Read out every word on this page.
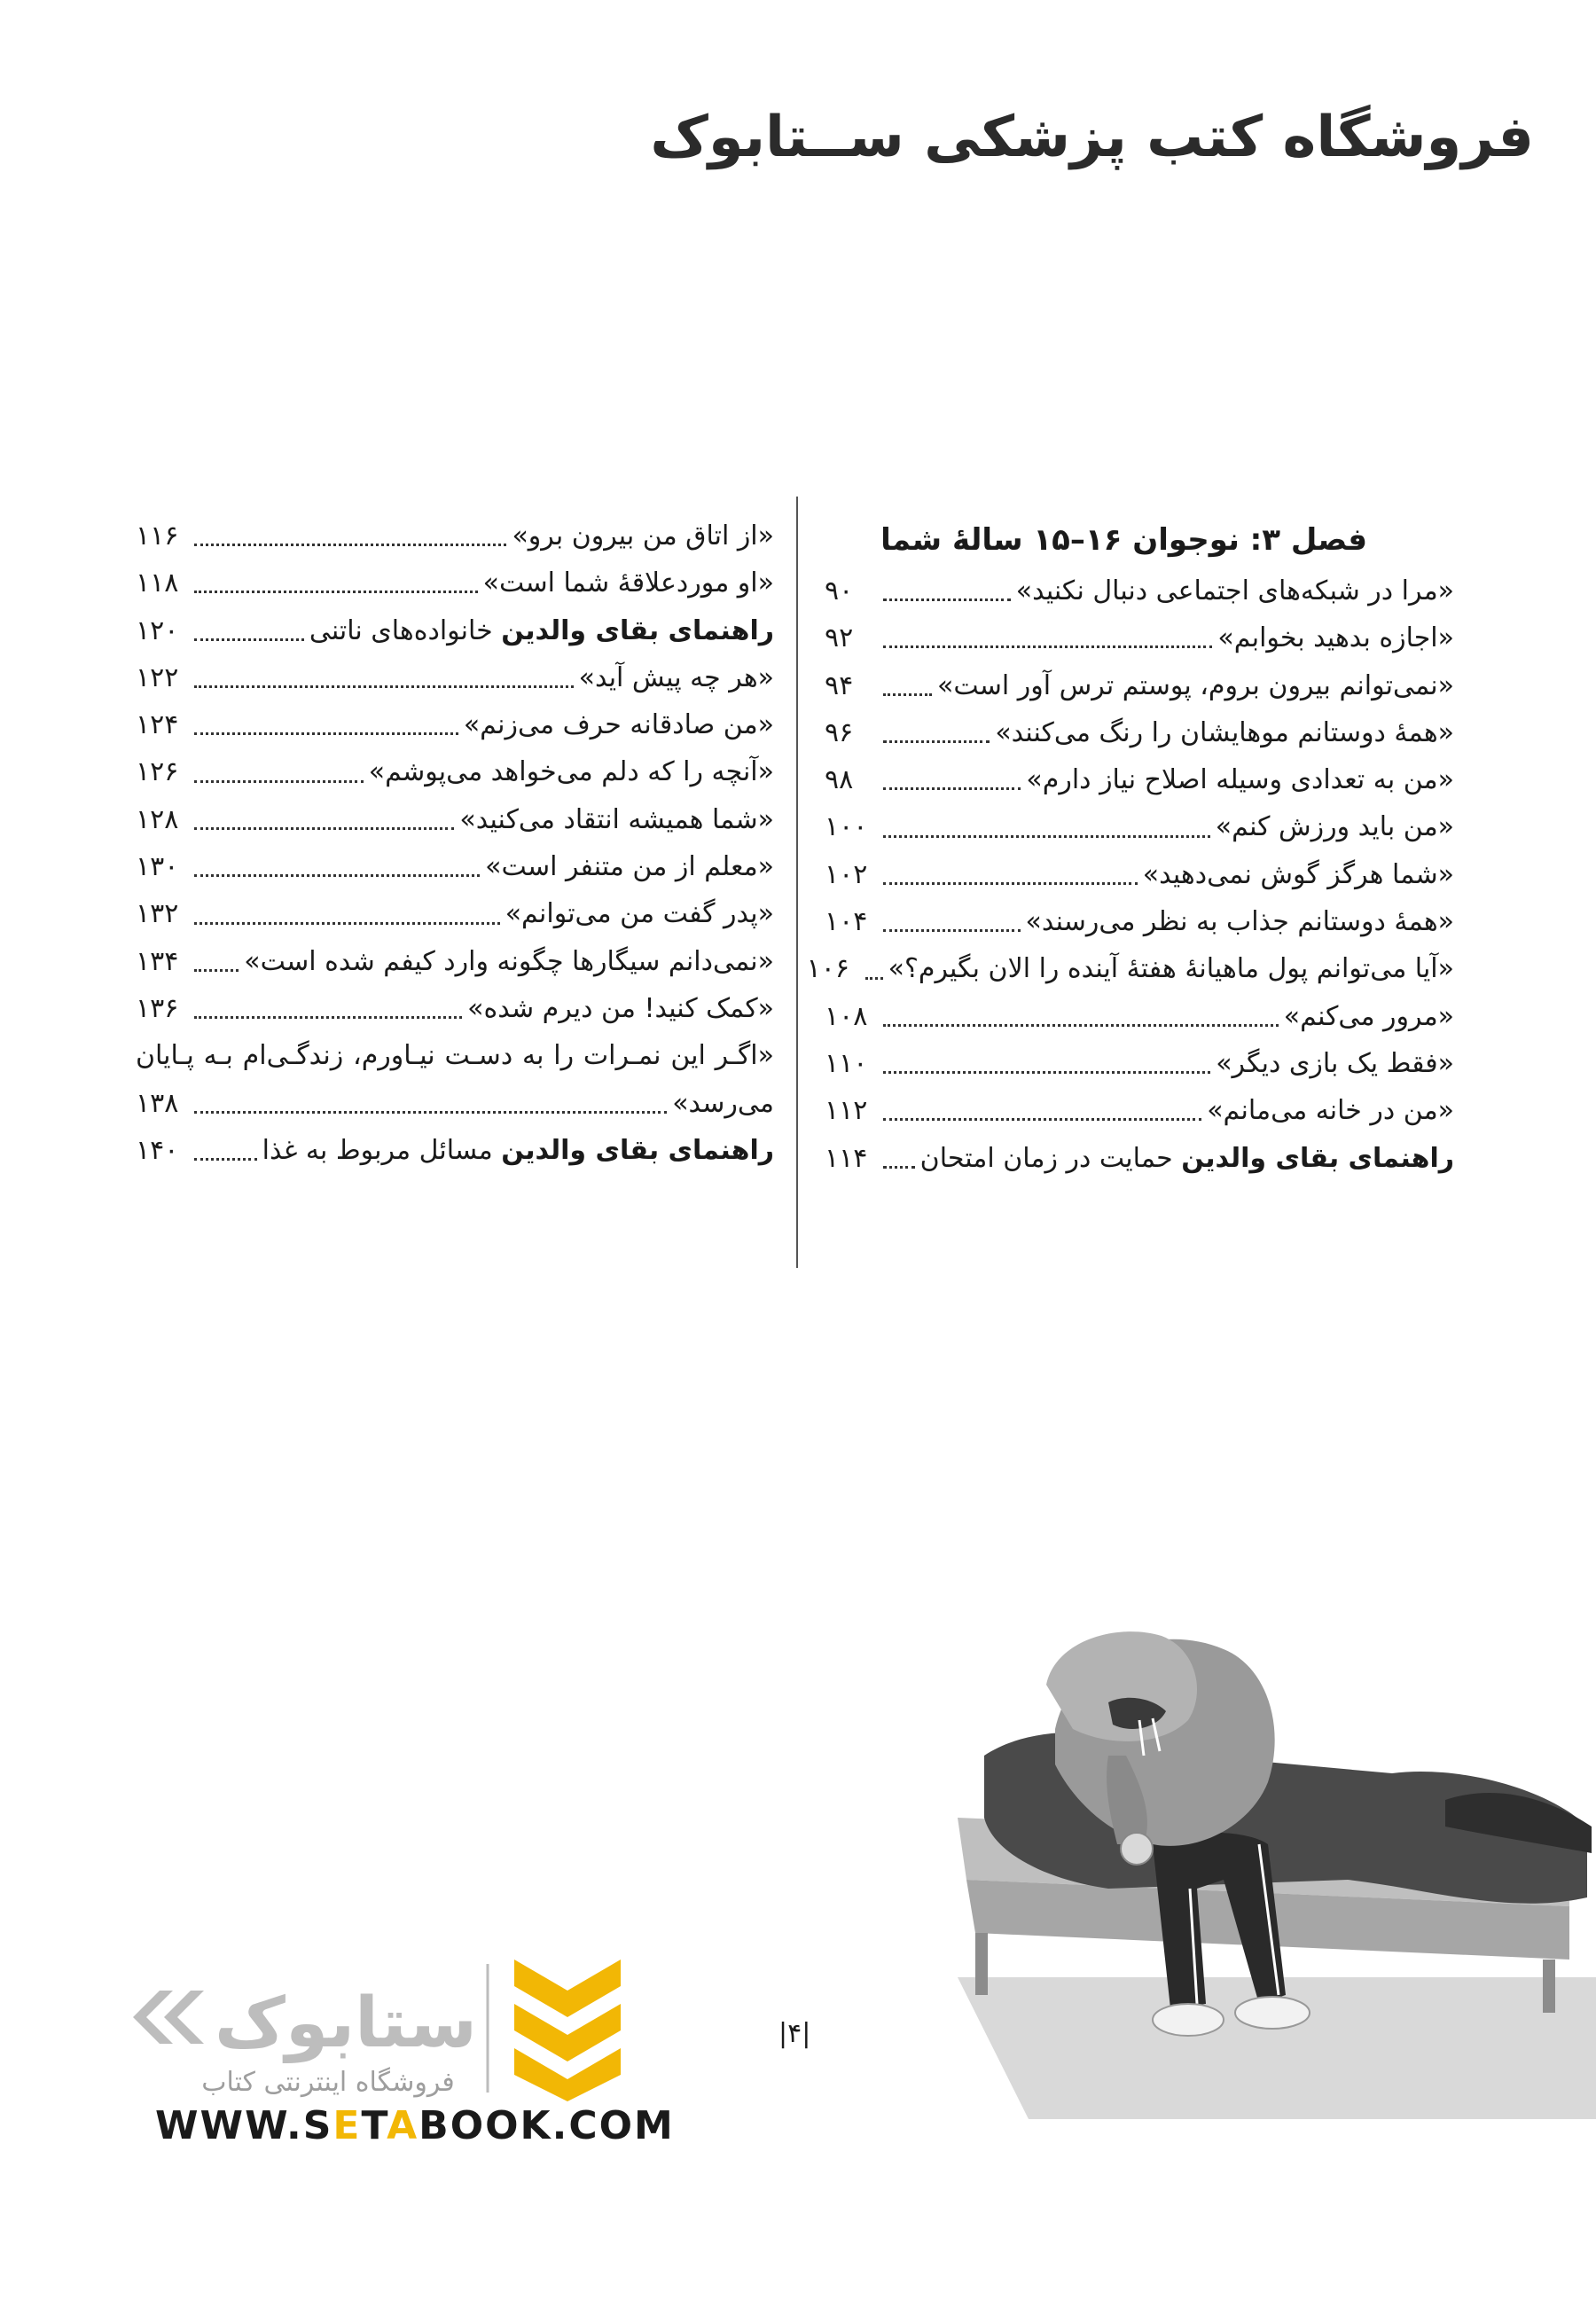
فروشگاه کتب پزشکی ســتابوک
فصل ۳: نوجوان ۱۶–۱۵ سالهٔ شما
«مرا در شبکه‌های اجتماعی دنبال نکنید»
۹۰
«اجازه بدهید بخوابم»
۹۲
«نمی‌توانم بیرون بروم، پوستم ترس آور است»
۹۴
«همهٔ دوستانم موهایشان را رنگ می‌کنند»
۹۶
«من به تعدادی وسیله اصلاح نیاز دارم»
۹۸
«من باید ورزش کنم»
۱۰۰
«شما هرگز گوش نمی‌دهید»
۱۰۲
«همهٔ دوستانم جذاب به نظر می‌رسند»
۱۰۴
«آیا می‌توانم پول ماهیانهٔ هفتهٔ آینده را الان بگیرم؟»
۱۰۶
«مرور می‌کنم»
۱۰۸
«فقط یک بازی دیگر»
۱۱۰
«من در خانه می‌مانم»
۱۱۲
راهنمای بقای والدین حمایت در زمان امتحان
۱۱۴
«از اتاق من بیرون برو»
۱۱۶
«او موردعلاقهٔ شما است»
۱۱۸
راهنمای بقای والدین خانواده‌های ناتنی
۱۲۰
«هر چه پیش آید»
۱۲۲
«من صادقانه حرف می‌زنم»
۱۲۴
«آنچه را که دلم می‌خواهد می‌پوشم»
۱۲۶
«شما همیشه انتقاد می‌کنید»
۱۲۸
«معلم از من متنفر است»
۱۳۰
«پدر گفت من می‌توانم»
۱۳۲
«نمی‌دانم سیگارها چگونه وارد کیفم شده است»
۱۳۴
«کمک کنید! من دیرم شده»
۱۳۶
«اگـر این نمـرات را به دسـت نیـاورم، زندگـی‌ام بـه پـایان
می‌رسد»
۱۳۸
راهنمای بقای والدین مسائل مربوط به غذا
۱۴۰
|۴|
ستابوک
فروشگاه اینترنتی کتاب
WWW.SETABOOK.COM
